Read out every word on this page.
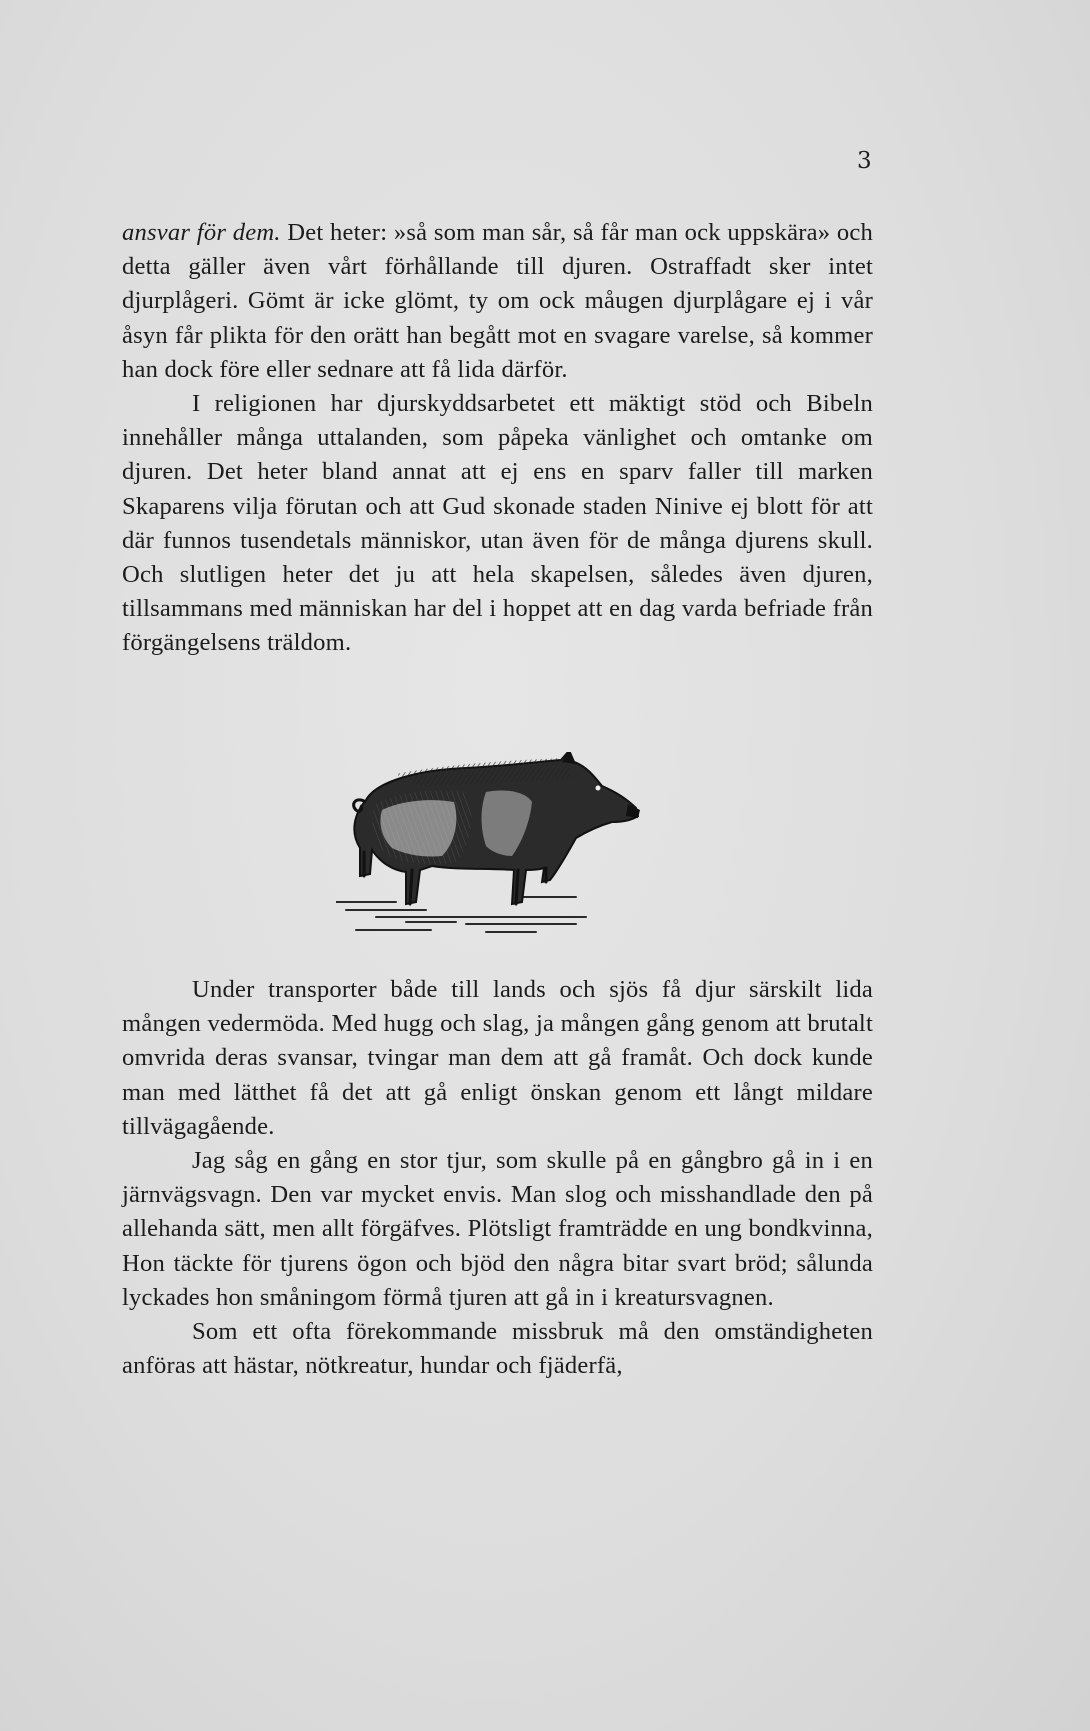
3

ansvar för dem. Det heter: »så som man sår, så får man ock uppskära» och detta gäller även vårt förhållande till djuren. Ostraffadt sker intet djurplågeri. Gömt är icke glömt, ty om ock måugen djurplågare ej i vår åsyn får plikta för den orätt han begått mot en svagare varelse, så kommer han dock före eller sednare att få lida därför.

I religionen har djurskyddsarbetet ett mäktigt stöd och Bibeln innehåller många uttalanden, som påpeka vänlighet och omtanke om djuren. Det heter bland annat att ej ens en sparv faller till marken Skaparens vilja förutan och att Gud skonade staden Ninive ej blott för att där funnos tusendetals människor, utan även för de många djurens skull. Och slutligen heter det ju att hela skapelsen, således även djuren, tillsammans med människan har del i hoppet att en dag varda befriade från förgängelsens träldom.

Under transporter både till lands och sjös få djur särskilt lida mången vedermöda. Med hugg och slag, ja mången gång genom att brutalt omvrida deras svansar, tvingar man dem att gå framåt. Och dock kunde man med lätthet få det att gå enligt önskan genom ett långt mildare tillvägagående.

Jag såg en gång en stor tjur, som skulle på en gångbro gå in i en järnvägsvagn. Den var mycket envis. Man slog och misshandlade den på allehanda sätt, men allt förgäfves. Plötsligt framträdde en ung bondkvinna, Hon täckte för tjurens ögon och bjöd den några bitar svart bröd; sålunda lyckades hon småningom förmå tjuren att gå in i kreatursvagnen.

Som ett ofta förekommande missbruk må den omständigheten anföras att hästar, nötkreatur, hundar och fjäderfä,
